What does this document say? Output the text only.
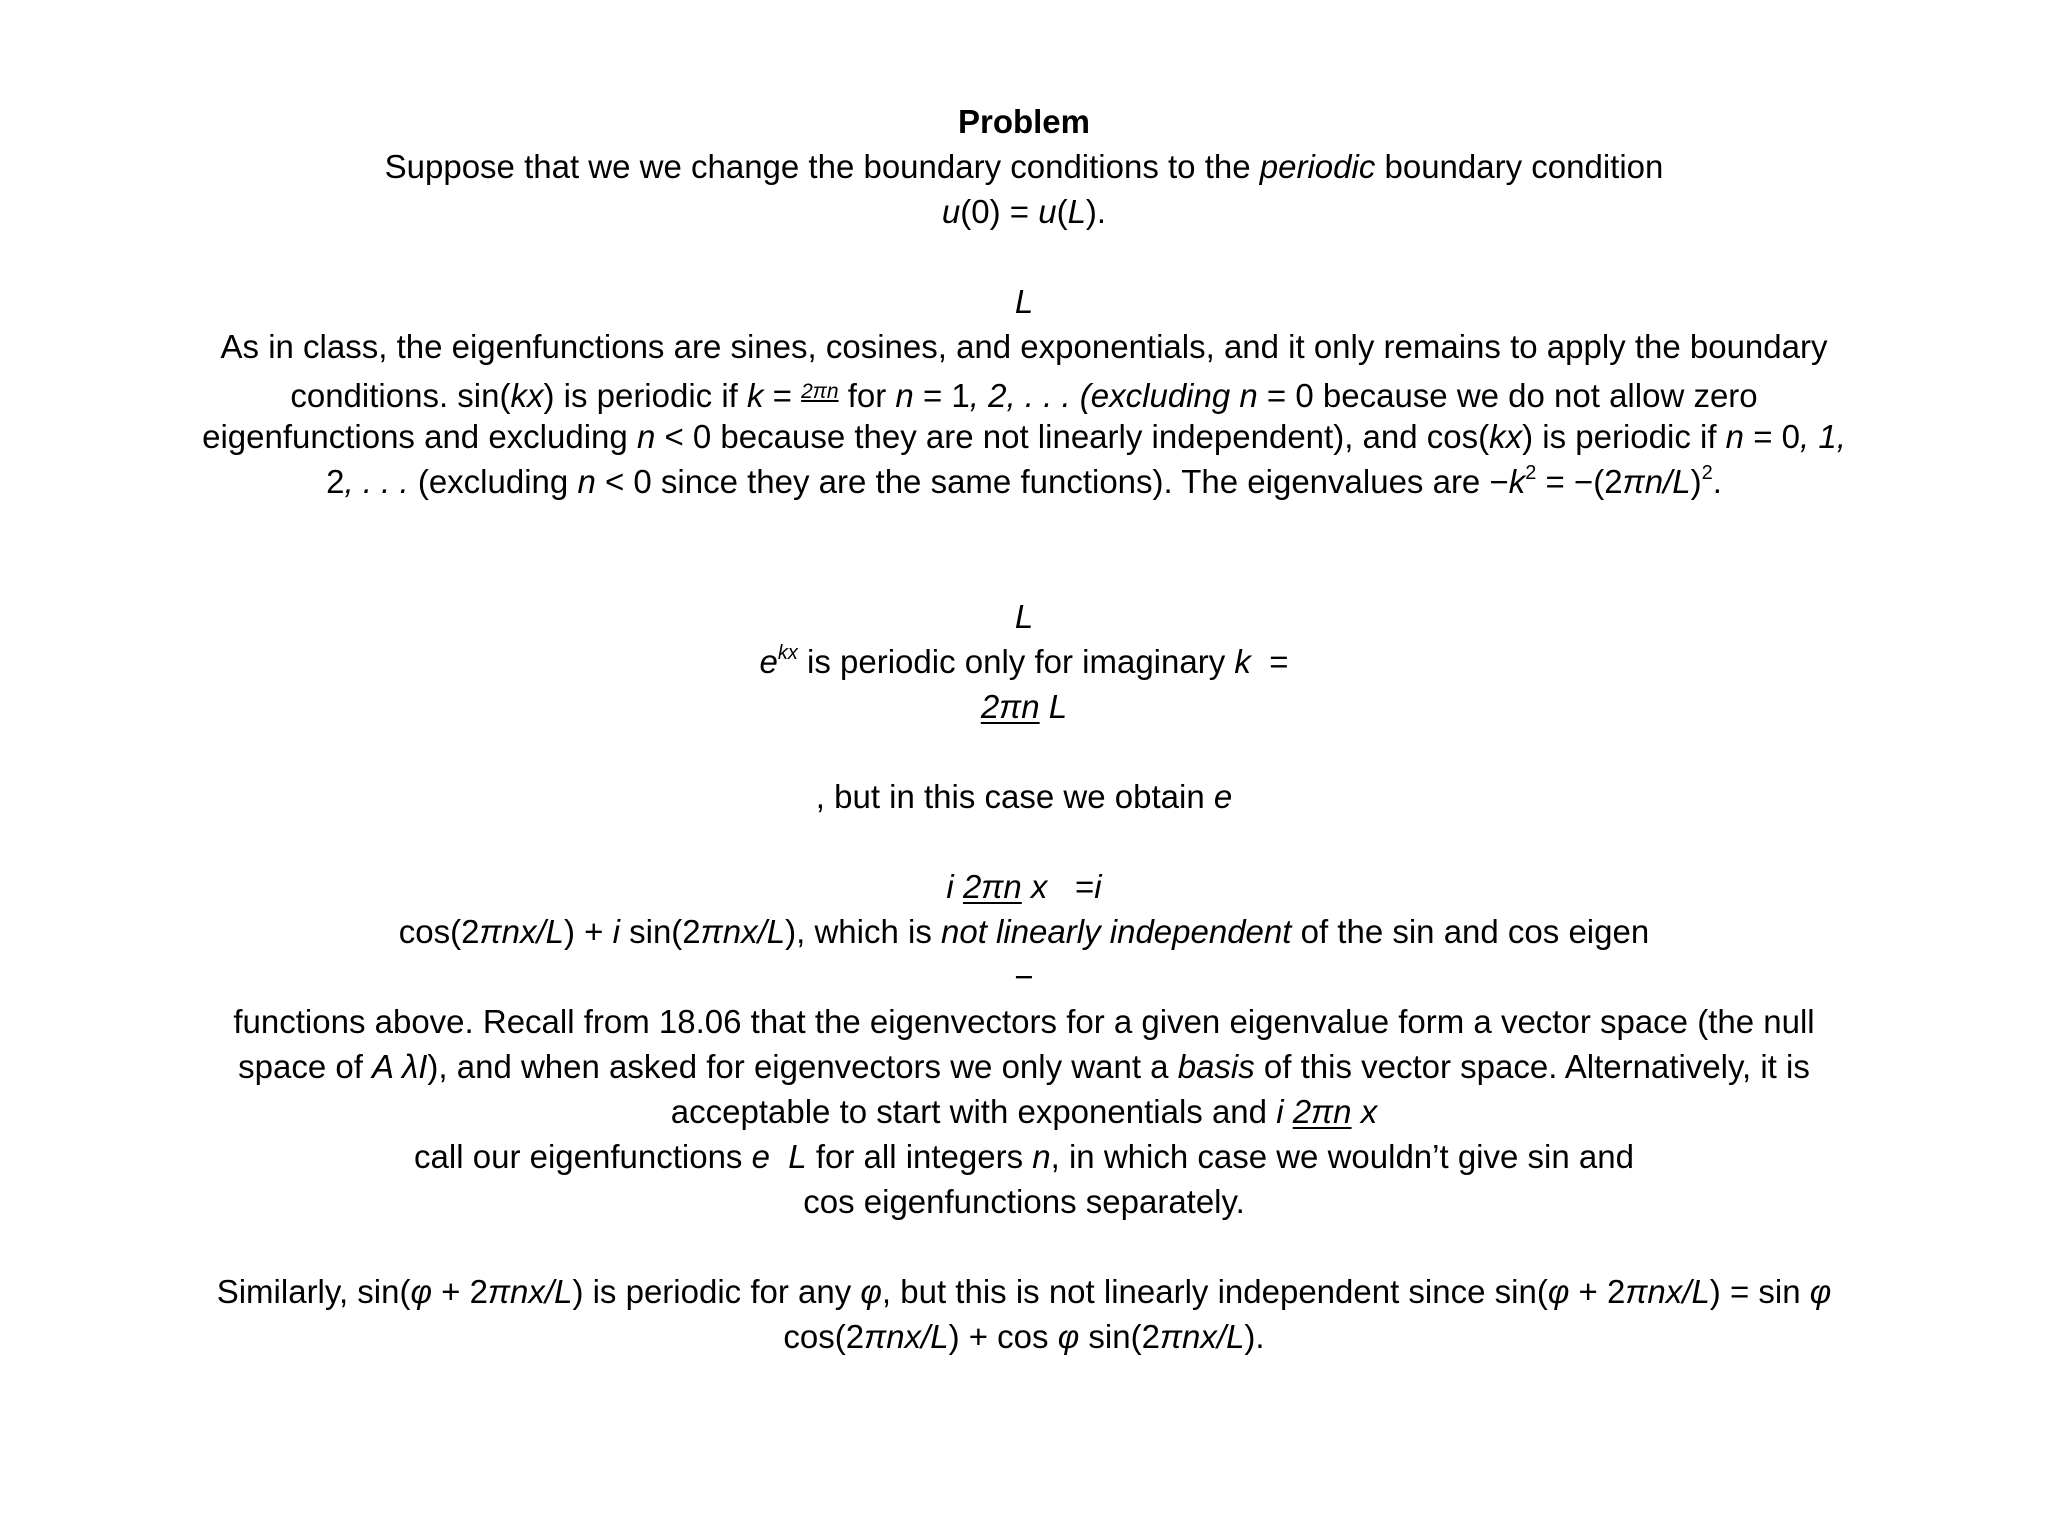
Problem
Suppose that we we change the boundary conditions to the periodic boundary condition
u(0) = u(L).
L
As in class, the eigenfunctions are sines, cosines, and exponentials, and it only remains to apply the boundary
conditions. sin(kx) is periodic if k = $^{2\pi n}$ for n = 1, 2, . . . (excluding n = 0 because we do not allow zero
eigenfunctions and excluding n < 0 because they are not linearly independent), and cos(kx) is periodic if n = 0, 1,
2, . . . (excluding n < 0 since they are the same functions). The eigenvalues are $-k^2 = -(2\pi n/L)^2$.
L
$e^{kx}$ is periodic only for imaginary k  =
2πn L
, but in this case we obtain e
i 2πn x   =i
cos(2πnx/L) + i sin(2πnx/L), which is not linearly independent of the sin and cos eigen
−
functions above. Recall from 18.06 that the eigenvectors for a given eigenvalue form a vector space (the null
space of A λI), and when asked for eigenvectors we only want a basis of this vector space. Alternatively, it is
acceptable to start with exponentials and i 2πn x
call our eigenfunctions e  L for all integers n, in which case we wouldn’t give sin and
cos eigenfunctions separately.
Similarly, sin(φ + 2πnx/L) is periodic for any φ, but this is not linearly independent since sin(φ + 2πnx/L) = sin φ
cos(2πnx/L) + cos φ sin(2πnx/L).
